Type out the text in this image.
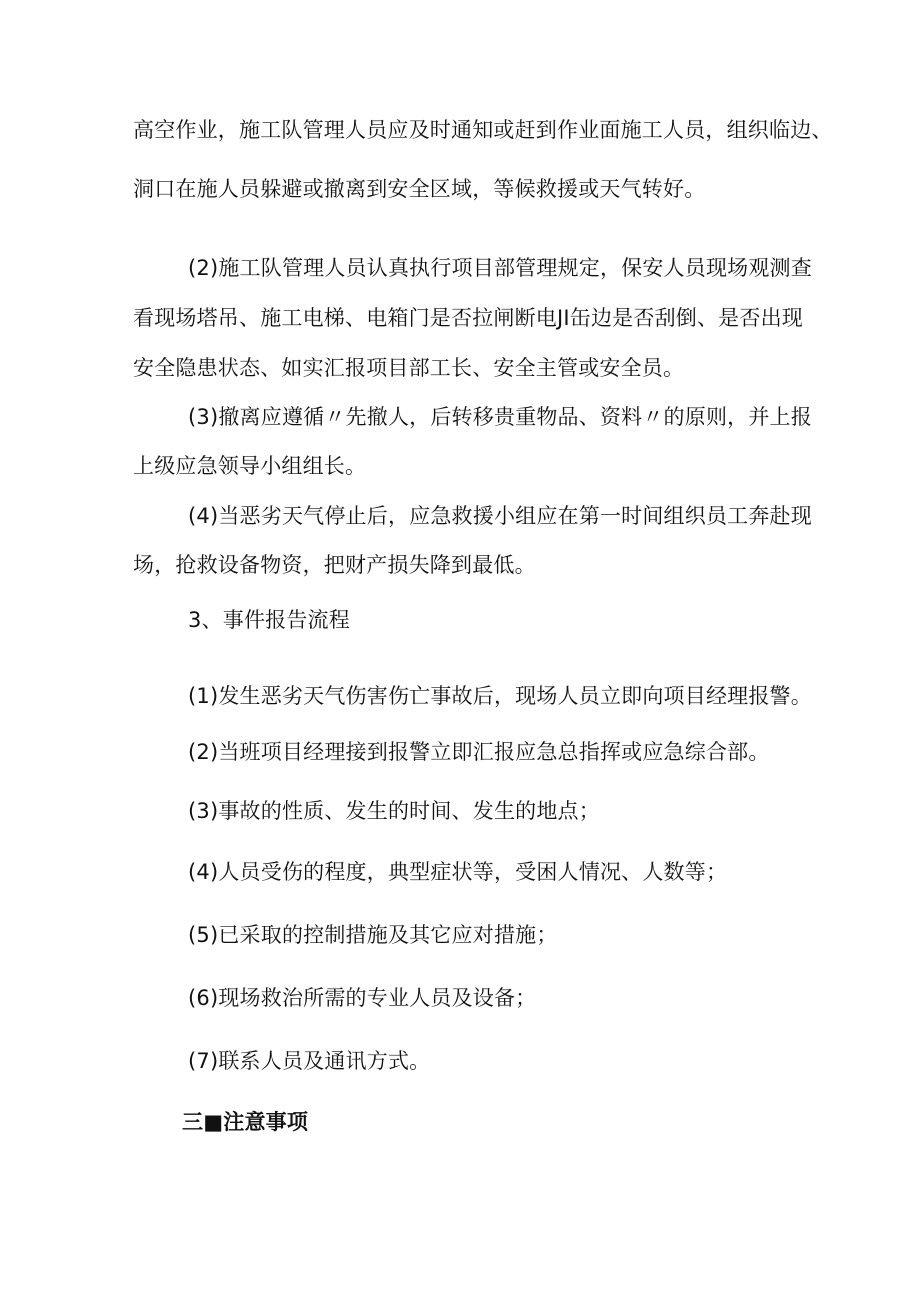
高空作业，施工队管理人员应及时通知或赶到作业面施工人员，组织临边、
洞口在施人员躲避或撤离到安全区域，等候救援或天气转好。
(2)施工队管理人员认真执行项目部管理规定，保安人员现场观测查
看现场塔吊、施工电梯、电箱门是否拉闸断电JI缶边是否刮倒、是否出现
安全隐患状态、如实汇报项目部工长、安全主管或安全员。
(3)撤离应遵循〃先撤人，后转移贵重物品、资料〃的原则，并上报
上级应急领导小组组长。
(4)当恶劣天气停止后，应急救援小组应在第一时间组织员工奔赴现
场，抢救设备物资，把财产损失降到最低。
3、事件报告流程
(1)发生恶劣天气伤害伤亡事故后，现场人员立即向项目经理报警。
(2)当班项目经理接到报警立即汇报应急总指挥或应急综合部。
(3)事故的性质、发生的时间、发生的地点；
(4)人员受伤的程度，典型症状等，受困人情况、人数等；
(5)已采取的控制措施及其它应对措施；
(6)现场救治所需的专业人员及设备；
(7)联系人员及通讯方式。
三■注意事项
